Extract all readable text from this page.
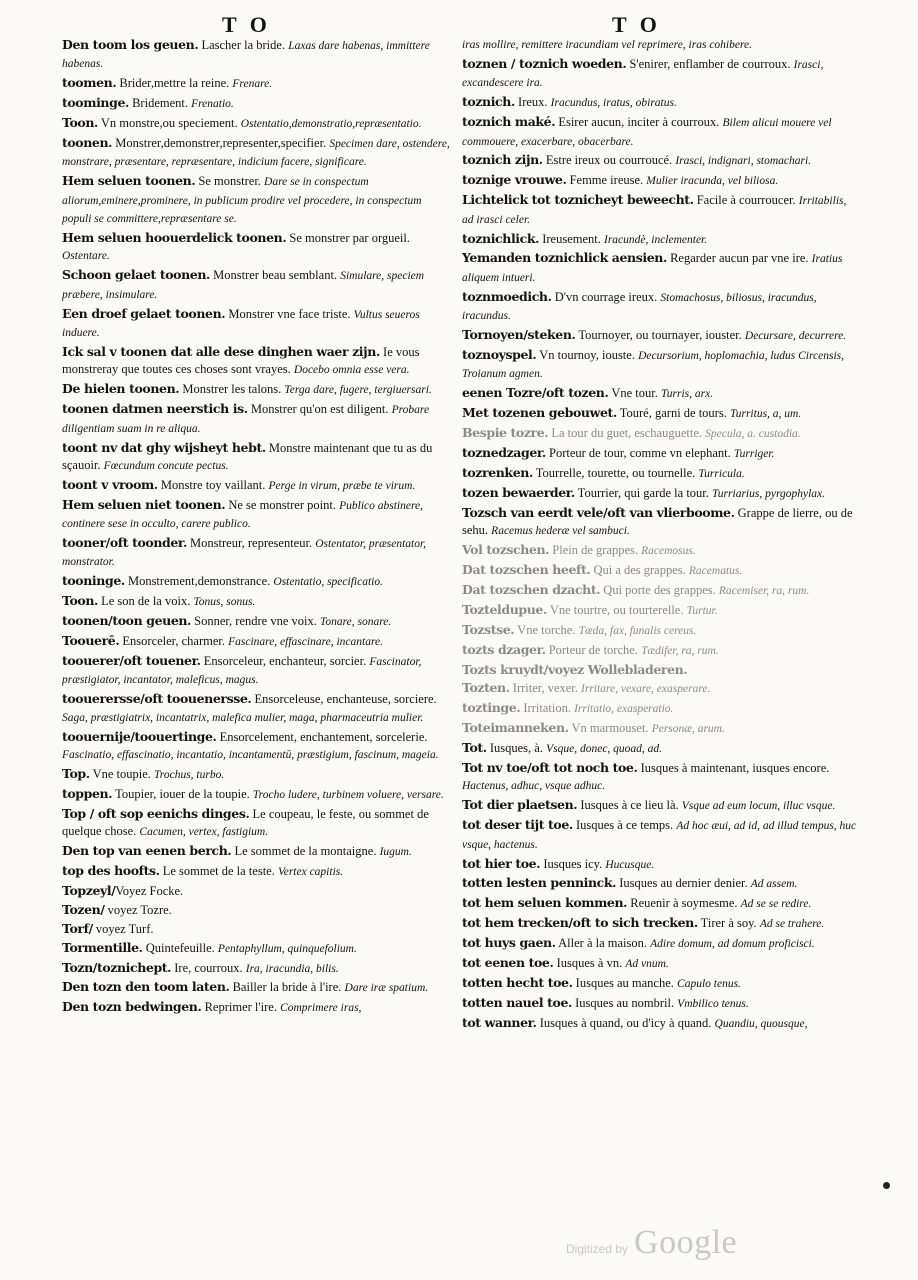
T O	T O
Den toom los geuen. Lascher la bride. Laxas dare habenas, immittere habenas.
toomen. Brider,mettre la reine. Frenare.
toominge. Bridement. Frenatio.
Toon. Vn monstre,ou speciement. Ostentatio,demonstratio,repræsentatio.
toonen. Monstrer,demonstrer,representer,specifier. Specimen dare, ostendere, monstrare, præsentare, repræsentare, indicium facere, significare.
Hem seluen toonen. Se monstrer. Dare se in conspectum aliorum,eminere,prominere, in publicum prodire vel procedere, in conspectum populi se committere,repræsentare se.
Hem seluen hoouerdelick toonen. Se monstrer par orgueil. Ostentare.
Schoon gelaet toonen. Monstrer beau semblant. Simulare, speciem præbere, insimulare.
Een droef gelaet toonen. Monstrer vne face triste. Vultus seueros induere.
Ick sal v toonen dat alle dese dinghen waer zijn. Ie vous monstreray que toutes ces choses sont vrayes. Docebo omnia esse vera.
De hielen toonen. Monstrer les talons. Terga dare, fugere, tergiuersari.
toonen datmen neerstich is. Monstrer qu'on est diligent. Probare diligentiam suam in re aliqua.
toont nv dat ghy wijsheyt hebt. Monstre maintenant que tu as du sçauoir. Fœcundum concute pectus.
toont v vroom. Monstre toy vaillant. Perge in virum, præbe te virum.
Hem seluen niet toonen. Ne se monstrer point. Publico abstinere, continere sese in occulto, carere publico.
tooner/oft toonder. Monstreur, representeur. Ostentator, præsentator, monstrator.
tooninge. Monstrement,demonstrance. Ostentatio, specificatio.
Toon. Le son de la voix. Tonus, sonus.
toonen/toon geuen. Sonner, rendre vne voix. Tonare, sonare.
Toouerē. Ensorceler, charmer. Fascinare, effascinare, incantare.
toouerer/oft touener. Ensorceleur, enchanteur, sorcier. Fascinator, præstigiator, incantator, maleficus, magus.
toouerersse/oft toouenersse. Ensorceleuse, enchanteuse, sorciere. Saga, præstigiatrix, incantatrix, malefica mulier, maga, pharmaceutria mulier.
toouernije/toouertinge. Ensorcelement, enchantement, sorcelerie. Fascinatio, effascinatio, incantatio, incantamentū, præstigium, fascinum, mageia.
Top. Vne toupie. Trochus, turbo.
toppen. Toupier, iouer de la toupie. Trocho ludere, turbinem voluere, versare.
Top / oft sop eenichs dinges. Le coupeau, le feste, ou sommet de quelque chose. Cacumen, vertex, fastigium.
Den top van eenen berch. Le sommet de la montaigne. Iugum.
top des hoofts. Le sommet de la teste. Vertex capitis.
Topzeyl/Voyez Focke.
Tozen/ voyez Tozre.
Torf/ voyez Turf.
Tormentille. Quintefeuille. Pentaphyllum, quinquefolium.
Tozn/toznichept. Ire, courroux. Ira, iracundia, bilis.
Den tozn den toom laten. Bailler la bride à l'ire. Dare iræ spatium.
Den tozn bedwingen. Reprimer l'ire. Comprimere iras,
iras mollire, remittere iracundiam vel reprimere, iras cohibere.
toznen / toznich woeden. S'enirer, enflamber de courroux. Irasci, excandescere ira.
toznich. Ireux. Iracundus, iratus, obiratus.
toznich maké. Esirer aucun, inciter à courroux. Bilem alicui mouere vel commouere, exacerbare, obacerbare.
toznich zijn. Estre ireux ou courroucé. Irasci, indignari, stomachari.
toznige vrouwe. Femme ireuse. Mulier iracunda, vel biliosa.
Lichtelick tot toznicheyt beweecht. Facile à courroucer. Irritabilis, ad irasci celer.
toznichlick. Ireusement. Iracundè, inclementer.
Yemanden toznichlick aensien. Regarder aucun par vne ire. Iratius aliquem intueri.
toznmoedich. D'vn courrage ireux. Stomachosus, biliosus, iracundus, iracundus.
Tornoyen/steken. Tournoyer, ou tournayer, iouster. Decursare, decurrere.
toznoyspel. Vn tournoy, ioustе. Decursorium, hoplomachia, ludus Circensis, Troianum agmen.
eenen Tozre/oft tozen. Vne tour. Turris, arx.
Met tozenen gebouwet. Touré, garni de tours. Turritus, a, um.
Bespie tozre. La tour du guet, eschauguette. Specula, a. custodia.
toznedzager. Porteur de tour, comme vn elephant. Turriger.
tozrenken. Tourrelle, tourette, ou tournelle. Turricula.
tozen bewaerder. Tourrier, qui garde la tour. Turriarius, pyrgophylax.
Tozsch van eerdt vele/oft van vlierboome. Grappe de lierre, ou de sehu. Racemus hederæ vel sambuci.
Vol tozschen. Plein de grappes. Racemosus.
Dat tozschen heeft. Qui a des grappes. Racematus.
Dat tozschen dzacht. Qui porte des grappes. Racemiser, ra, rum.
Tozteldupue. Vne tourtre, ou tourterelle. Turtur.
Tozstse. Vne torche. Tæda, fax, funalis cereus.
tozts dzager. Porteur de torche. Tædifer, ra, rum.
Tozts kruydt/voyez Wollebladeren.
Tozten. Irriter, vexer. Irritare, vexare, exasperare.
toztinge. Irritation. Irritatio, exasperatio.
Toteimanneken. Vn marmouset. Personæ, arum.
Tot. Iusques, à. Vsque, donec, quoad, ad.
Tot nv toe/oft tot noch toe. Iusques à maintenant, iusques encore. Hactenus, adhuc, vsque adhuc.
Tot dier plaetsen. Iusques à ce lieu là. Vsque ad eum locum, illuc vsque.
tot deser tijt toe. Iusques à ce temps. Ad hoc æui, ad id, ad illud tempus, huc vsque, hactenus.
tot hier toe. Iusques icy. Hucusque.
totten lesten penninck. Iusques au dernier denier. Ad assem.
tot hem seluen kommen. Reuenir à soymesme. Ad se se redire.
tot hem trecken/oft to sich trecken. Tirer à soy. Ad se trahere.
tot huys gaen. Aller à la maison. Adire domum, ad domum proficisci.
tot eenen toe. Iusques à vn. Ad vnum.
totten hecht toe. Iusques au manche. Capulo tenus.
totten nauel toe. Iusques au nombril. Vmbilico tenus.
tot wanner. Iusques à quand, ou d'icy à quand. Quandiu, quousque,
Digitized by Google
